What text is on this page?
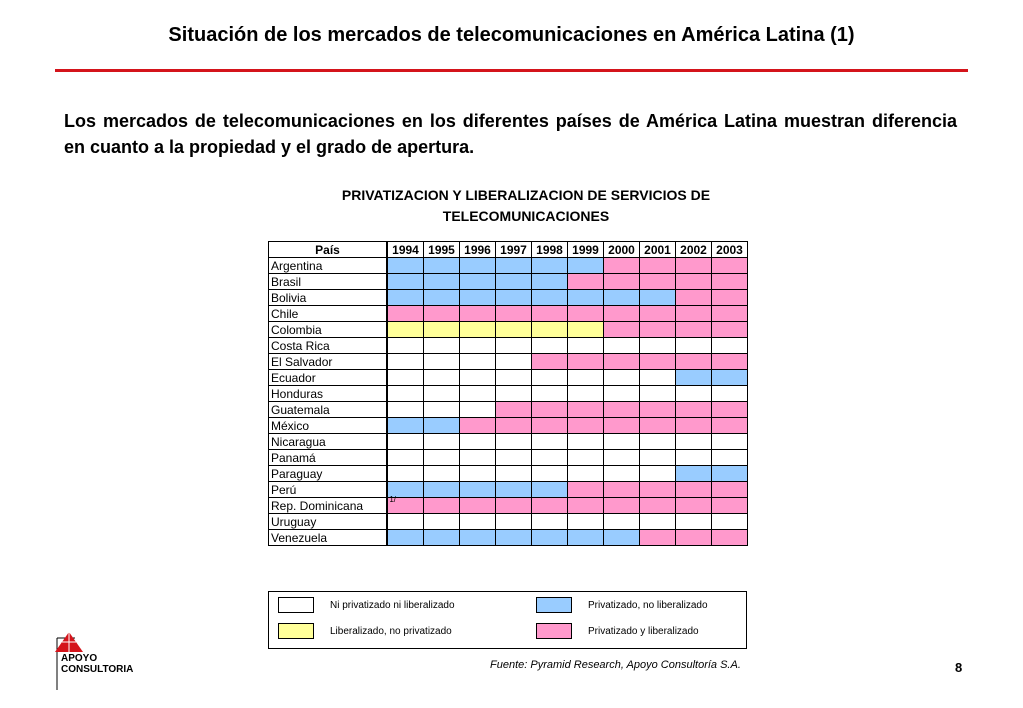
Situación de los mercados de telecomunicaciones en América Latina (1)
Los mercados de telecomunicaciones en los diferentes países de América Latina muestran diferencia en cuanto a la propiedad y el grado de apertura.
PRIVATIZACION Y LIBERALIZACION DE SERVICIOS DE
TELECOMUNICACIONES
País		1994	1995	1996	1997	1998	1999	2000	2001	2002	2003
Argentina											
Brasil											
Bolivia											
Chile											
Colombia											
Costa Rica											
El Salvador											
Ecuador											
Honduras											
Guatemala											
México											
Nicaragua											
Panamá											
Paraguay											
Perú											
Rep. Dominicana 1/										

Uruguay											
Venezuela											
Ni privatizado ni liberalizado	Privatizado, no liberalizado
Liberalizado, no privatizado	Privatizado y liberalizado
Fuente: Pyramid Research, Apoyo Consultoría S.A.	8
APOYO
CONSULTORIA
